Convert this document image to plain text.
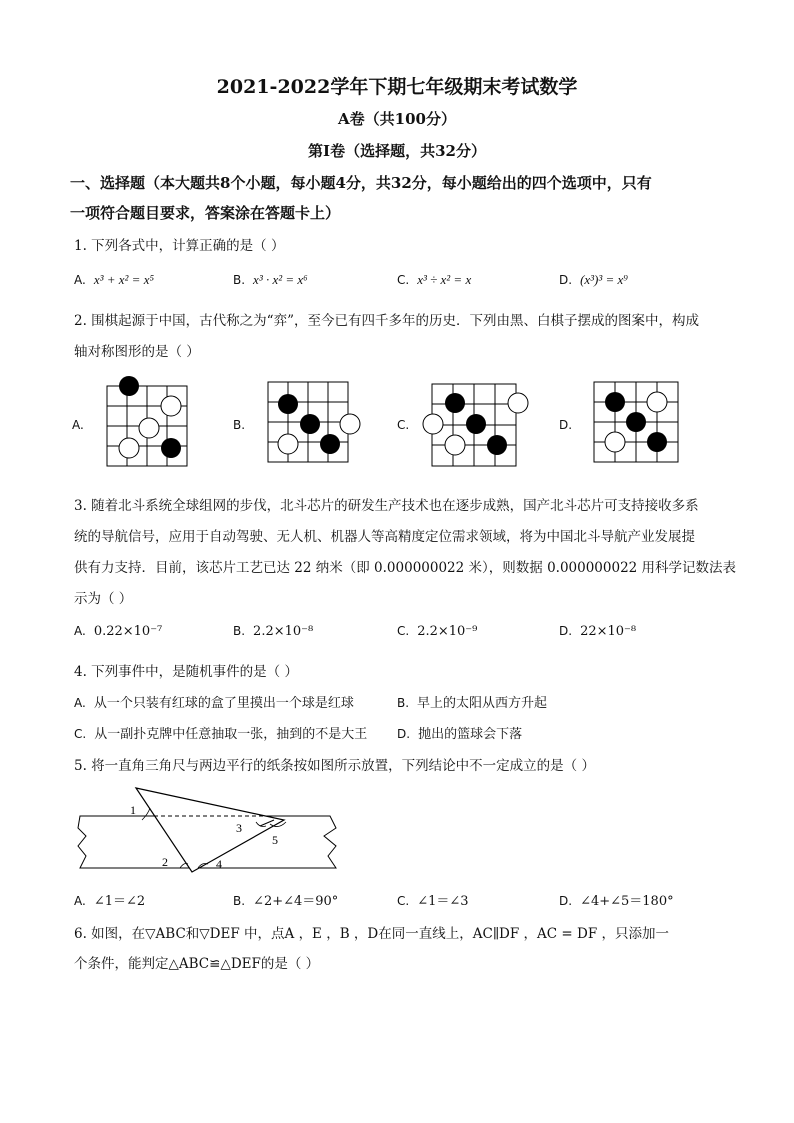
2021-2022学年下期七年级期末考试数学
A卷（共100分）
第Ⅰ卷（选择题，共32分）
一、选择题（本大题共8个小题，每小题4分，共32分，每小题给出的四个选项中，只有
一项符合题目要求，答案涂在答题卡上）
1. 下列各式中，计算正确的是（ ）
A. x³ + x² = x⁵	B. x³ · x² = x⁶	C. x³ ÷ x² = x	D. (x³)³ = x⁹
2. 围棋起源于中国，古代称之为“弈”，至今已有四千多年的历史．下列由黑、白棋子摆成的图案中，构成
轴对称图形的是（ ）
A.	B.	C.	D.
3. 随着北斗系统全球组网的步伐，北斗芯片的研发生产技术也在逐步成熟，国产北斗芯片可支持接收多系
统的导航信号，应用于自动驾驶、无人机、机器人等高精度定位需求领域，将为中国北斗导航产业发展提
供有力支持．目前，该芯片工艺已达 22 纳米（即 0.000000022 米），则数据 0.000000022 用科学记数法表
示为（ ）
A. 0.22×10⁻⁷	B. 2.2×10⁻⁸	C. 2.2×10⁻⁹	D. 22×10⁻⁸
4. 下列事件中，是随机事件的是（ ）
A. 从一个只装有红球的盒了里摸出一个球是红球	B. 早上的太阳从西方升起
C. 从一副扑克牌中任意抽取一张，抽到的不是大王 D. 抛出的篮球会下落
5. 将一直角三角尺与两边平行的纸条按如图所示放置，下列结论中不一定成立的是（ ）
1
2
3
4
5
A. ∠1＝∠2	B. ∠2+∠4＝90°	C. ∠1＝∠3	D. ∠4+∠5＝180°
6. 如图，在▽ABC和▽DEF 中，点A ，E ，B ，D在同一直线上，AC∥DF ，AC = DF ，只添加一
个条件，能判定△ABC≌△DEF的是（ ）
